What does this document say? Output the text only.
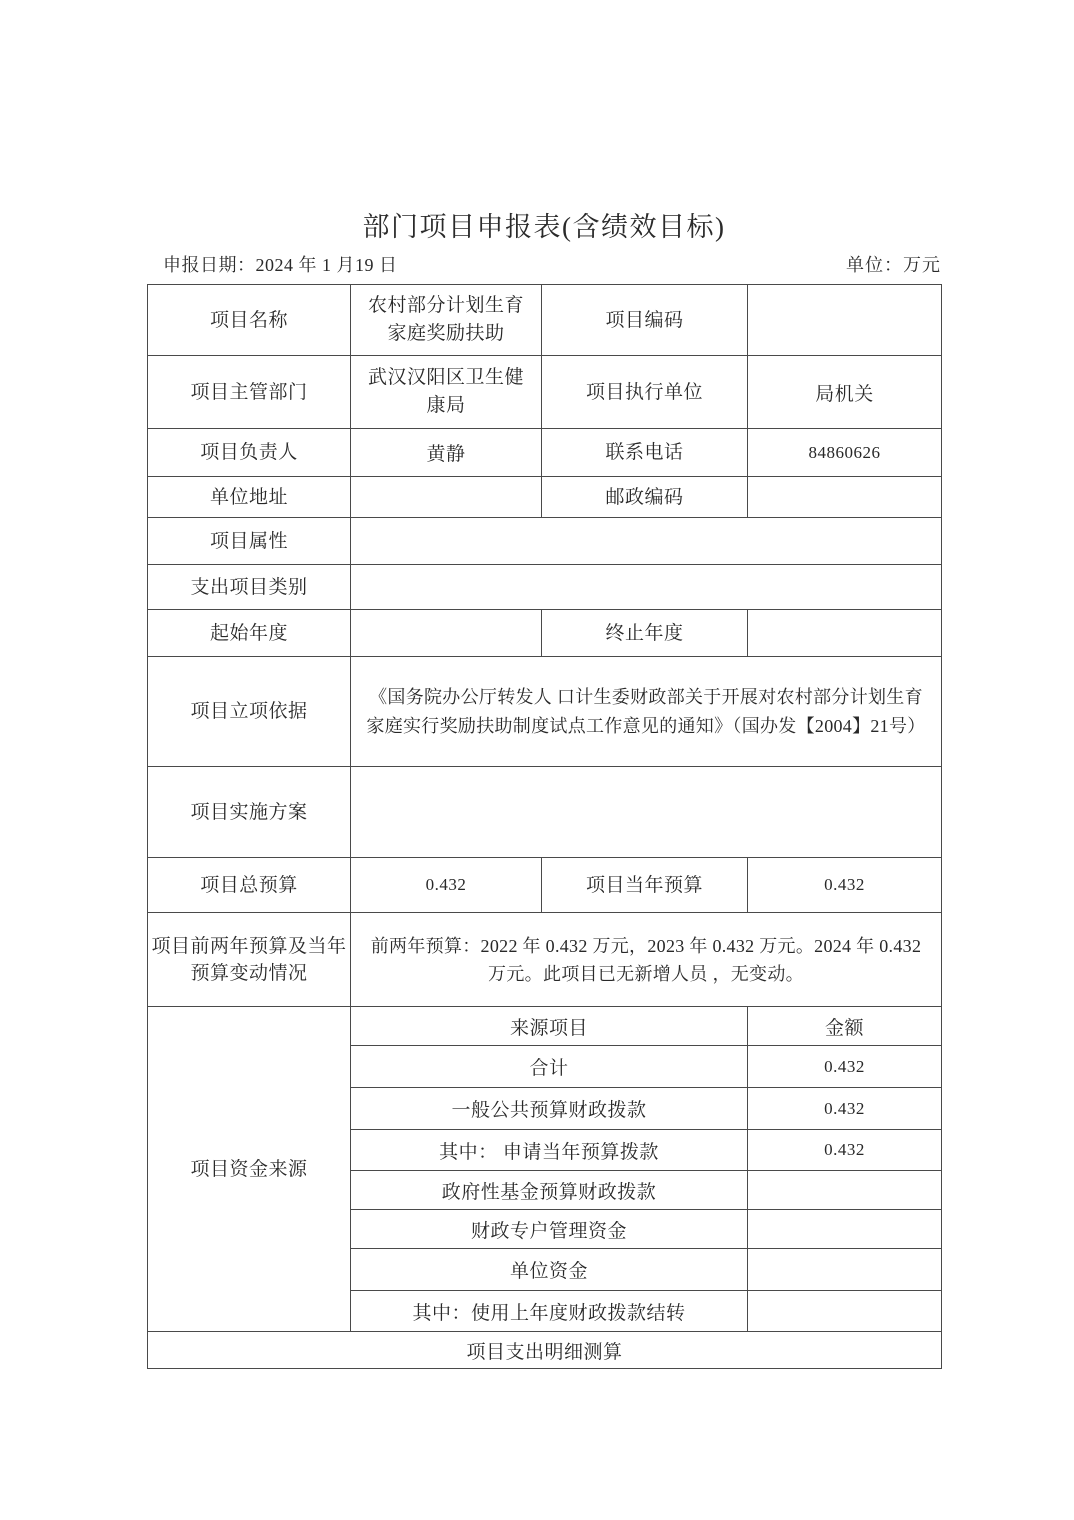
部门项目申报表(含绩效目标)
申报日期：2024 年 1 月19 日	单位：万元
项目名称	农村部分计划生育家庭奖励扶助	项目编码	
项目主管部门	武汉汉阳区卫生健康局	项目执行单位	局机关
项目负责人	黄静	联系电话	84860626
单位地址		邮政编码	
项目属性			
支出项目类别			
起始年度		终止年度	
项目立项依据	《国务院办公厅转发人 口计生委财政部关于开展对农村部分计划生育家庭实行奖励扶助制度试点工作意见的通知》（国办发【2004】21号）		
项目实施方案			
项目总预算	0.432	项目当年预算	0.432
项目前两年预算及当年预算变动情况	前两年预算：2022 年 0.432 万元，2023 年 0.432 万元。2024 年 0.432 万元。此项目已无新增人员 ，无变动。		
项目资金来源	来源项目		金额
	合计		0.432
	一般公共预算财政拨款		0.432
	其中： 申请当年预算拨款		0.432
	政府性基金预算财政拨款		
	财政专户管理资金		
	单位资金		
	其中：使用上年度财政拨款结转		
项目支出明细测算			
